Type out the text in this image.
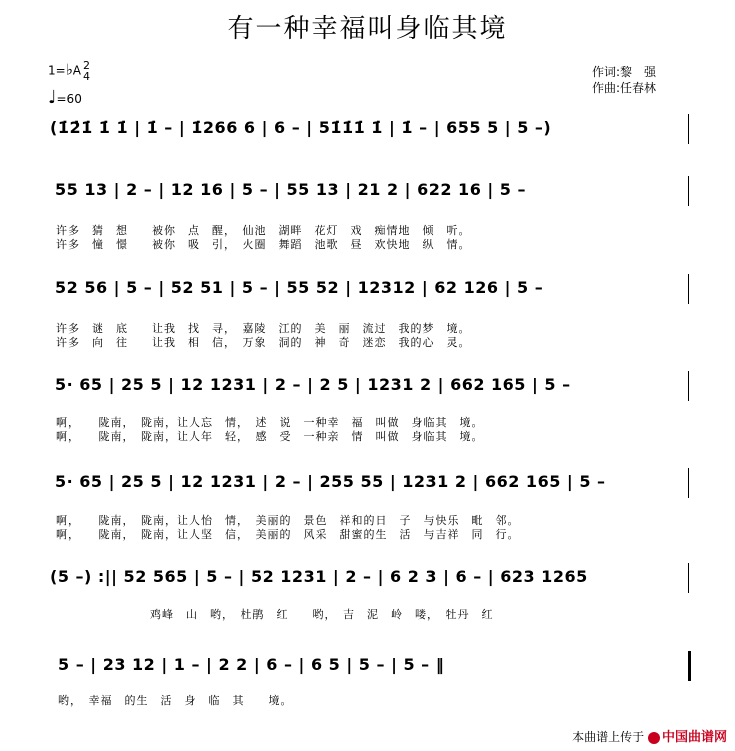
有一种幸福叫身临其境
1=♭A 2
4
♩=60
作词:黎　强
作曲:任春林
(1̇2̇1̇ 1̇ 1̇ | 1̇ – | 1̇266 6 | 6 – | 51̇1̇1̇ 1̇ | 1̇ – | 655 5 | 5 –)
55 13 | 2 – | 12 16 | 5 – | 55 13 | 21 2 | 622 16 | 5 –
许多　猜　想　　被你　点　醒，　仙池　湖畔　花灯　戏　痴情地　倾　听。
许多　憧　憬　　被你　吸　引，　火圈　舞蹈　池歌　昼　欢快地　纵　情。
52 56 | 5 – | 52 51 | 5 – | 55 52 | 12312 | 62 126 | 5 –
许多　谜　底　　让我　找　寻，　嘉陵　江的　美　丽　流过　我的梦　境。
许多　向　往　　让我　相　信，　万象　洞的　神　奇　迷恋　我的心　灵。
5· 65 | 25 5 | 12 1231 | 2 – | 2 5 | 1231 2 | 662 165 | 5 –
啊，　　陇南，　陇南，让人忘　情，　述　说　一种幸　福　叫做　身临其　境。
啊，　　陇南，　陇南，让人年　轻，　感　受　一种亲　情　叫做　身临其　境。
5· 65 | 25 5 | 12 1231 | 2 – | 255 55 | 1231 2 | 662 165 | 5 –
啊，　　陇南，　陇南，让人怡　情，　美丽的　景色　祥和的日　子　与快乐　毗　邻。
啊，　　陇南，　陇南，让人坚　信，　美丽的　风采　甜蜜的生　活　与吉祥　同　行。
(5 –) :|| 52 565 | 5 – | 52 1231 | 2 – | 6 2 3 | 6 – | 623 1265
鸡峰　山　哟，　杜鹃　红　　哟，　吉　泥　岭　喽，　牡丹　红
5 – | 23 12 | 1 – | 2 2 | 6 – | 6 5 | 5 – | 5 – ‖
哟，　幸福　的生　活　身　临　其　　境。
本曲谱上传于 中国曲谱网
